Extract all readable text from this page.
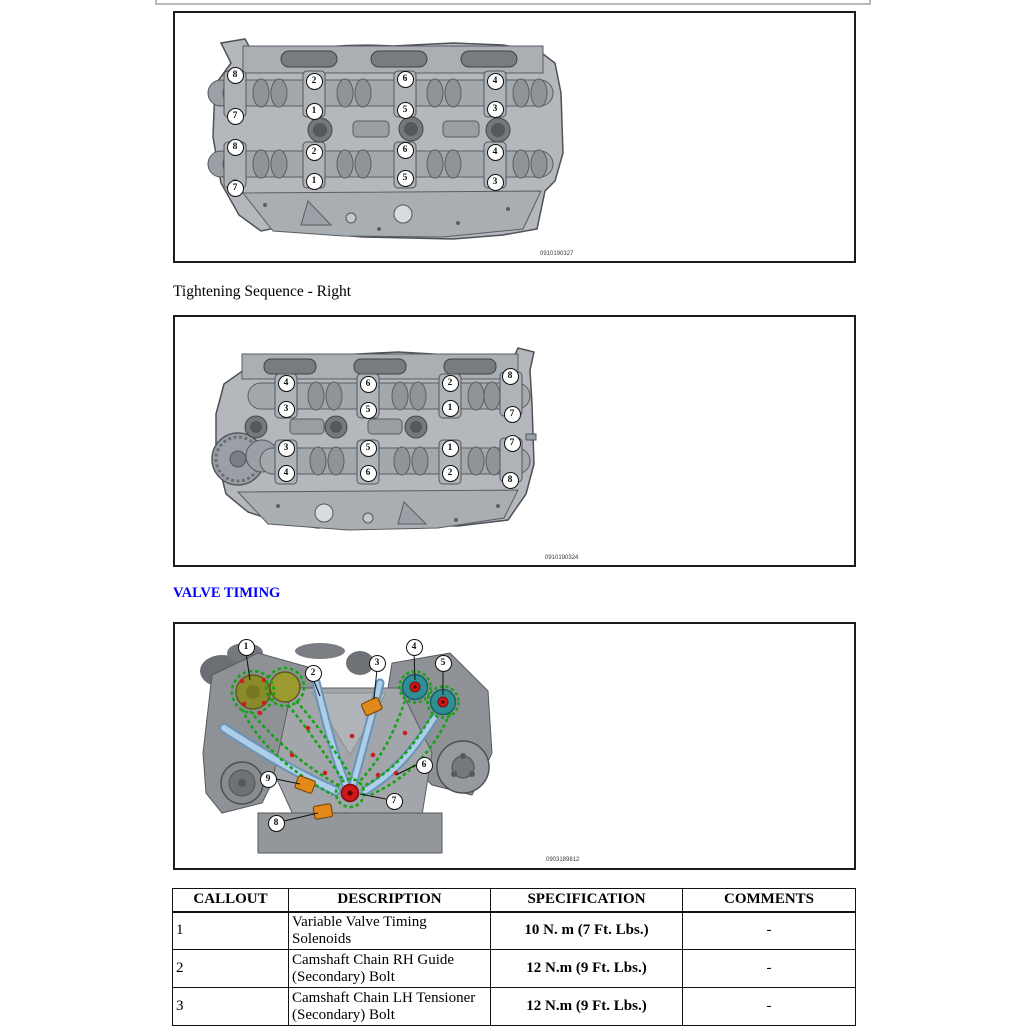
0910190327
8
2	6	4
7	1	5	3
8	2	6	4
7
1	5	3
Tightening Sequence - Right
0910190324
4	6	2
8
3	5	1
7
3	5	1	7
4	6	2
8
VALVE TIMING
0903189812
1
2
3
4
5
6
7
8
9
CALLOUT	DESCRIPTION	SPECIFICATION	COMMENTS
1	Variable Valve Timing Solenoids	10 N. m (7 Ft. Lbs.)	-
2	Camshaft Chain RH Guide (Secondary) Bolt	12 N.m (9 Ft. Lbs.)	-
3	Camshaft Chain LH Tensioner (Secondary) Bolt	12 N.m (9 Ft. Lbs.)	-
